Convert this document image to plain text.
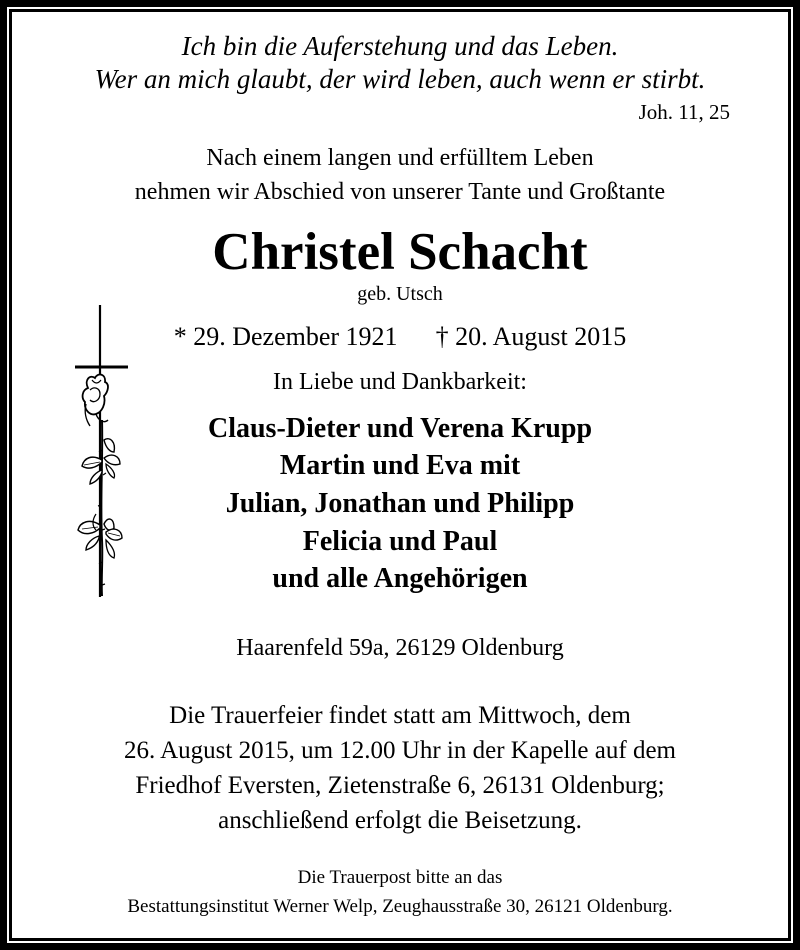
Ich bin die Auferstehung und das Leben.
Wer an mich glaubt, der wird leben, auch wenn er stirbt.
Joh. 11, 25
Nach einem langen und erfülltem Leben
nehmen wir Abschied von unserer Tante und Großtante
Christel Schacht
geb. Utsch
* 29. Dezember 1921 † 20. August 2015
In Liebe und Dankbarkeit:
Claus-Dieter und Verena Krupp
Martin und Eva mit
Julian, Jonathan und Philipp
Felicia und Paul
und alle Angehörigen
Haarenfeld 59a, 26129 Oldenburg
Die Trauerfeier findet statt am Mittwoch, dem
26. August 2015, um 12.00 Uhr in der Kapelle auf dem
Friedhof Eversten, Zietenstraße 6, 26131 Oldenburg;
anschließend erfolgt die Beisetzung.
Die Trauerpost bitte an das
Bestattungsinstitut Werner Welp, Zeughausstraße 30, 26121 Oldenburg.
